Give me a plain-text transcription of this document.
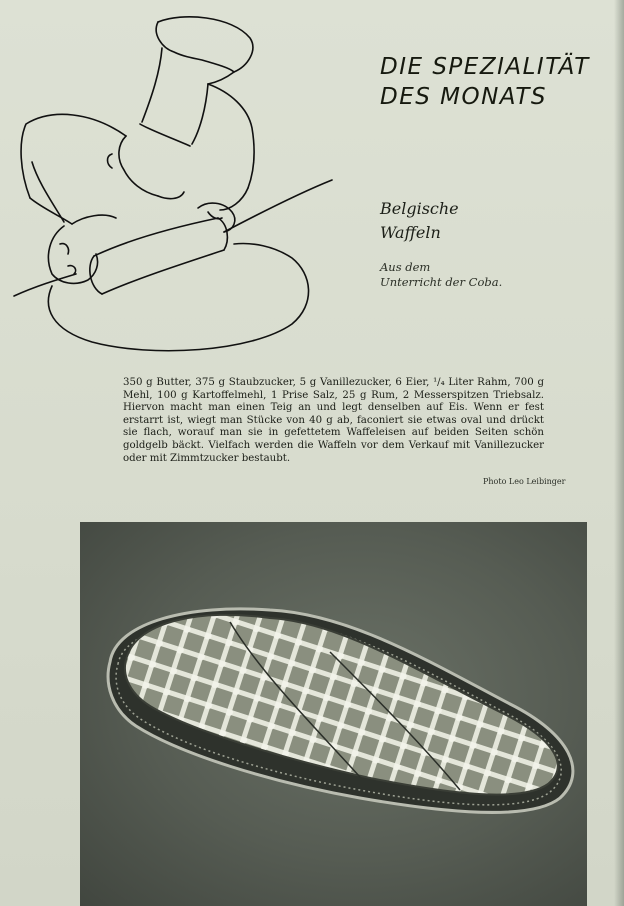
DIE SPEZIALITÄT
DES MONATS
Belgische
Waffeln
Aus dem
Unterricht der Coba.

350 g Butter, 375 g Staubzucker, 5 g Vanillezucker, 6 Eier, ¹/₄ Liter Rahm, 700 g Mehl, 100 g Kartoffelmehl, 1 Prise Salz, 25 g Rum, 2 Messerspitzen Triebsalz. Hiervon macht man einen Teig an und legt denselben auf Eis. Wenn er fest erstarrt ist, wiegt man Stücke von 40 g ab, faconiert sie etwas oval und drückt sie flach, worauf man sie in gefettetem Waffeleisen auf beiden Seiten schön goldgelb bäckt. Vielfach werden die Waffeln vor dem Verkauf mit Vanillezucker oder mit Zimmtzucker bestaubt.

Photo Leo Leibinger
